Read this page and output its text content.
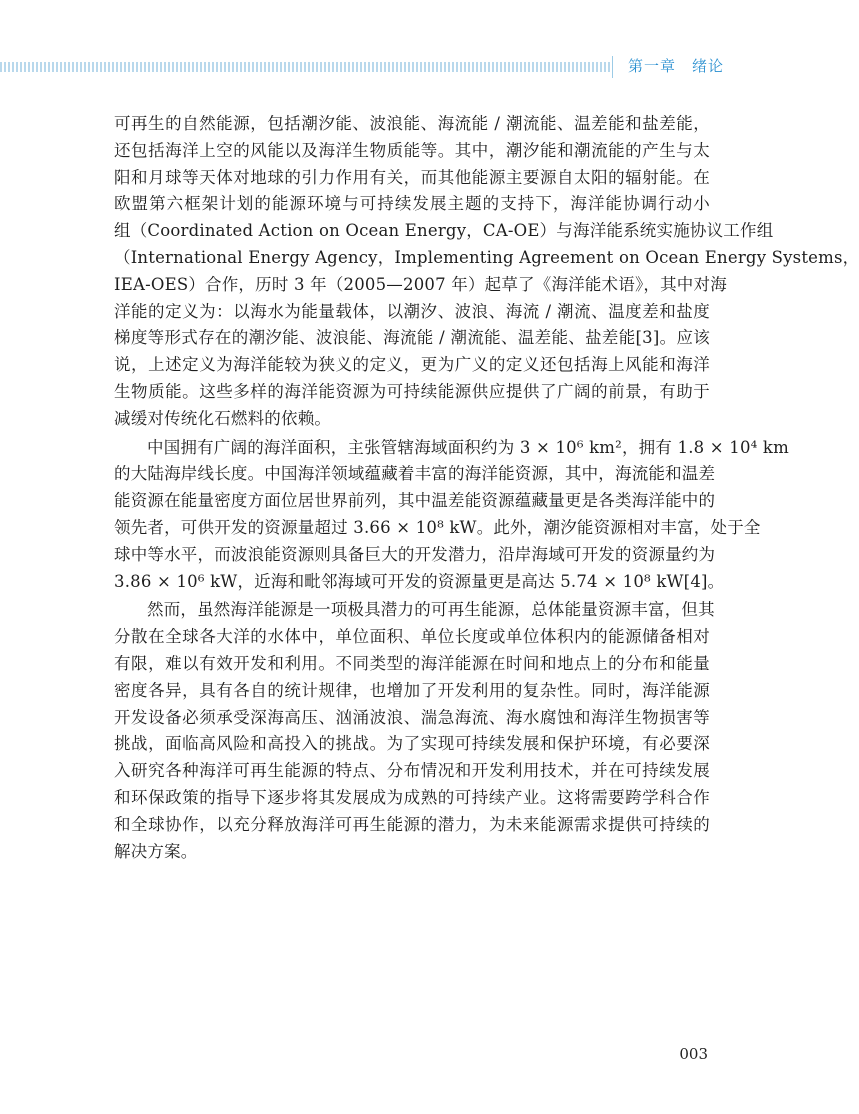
第一章　绪论

可再生的自然能源，包括潮汐能、波浪能、海流能 / 潮流能、温差能和盐差能，
还包括海洋上空的风能以及海洋生物质能等。其中，潮汐能和潮流能的产生与太
阳和月球等天体对地球的引力作用有关，而其他能源主要源自太阳的辐射能。在
欧盟第六框架计划的能源环境与可持续发展主题的支持下，海洋能协调行动小
组（Coordinated Action on Ocean Energy，CA-OE）与海洋能系统实施协议工作组
（International Energy Agency，Implementing Agreement on Ocean Energy Systems，
IEA-OES）合作，历时 3 年（2005—2007 年）起草了《海洋能术语》，其中对海
洋能的定义为：以海水为能量载体，以潮汐、波浪、海流 / 潮流、温度差和盐度
梯度等形式存在的潮汐能、波浪能、海流能 / 潮流能、温差能、盐差能[3]。应该
说，上述定义为海洋能较为狭义的定义，更为广义的定义还包括海上风能和海洋
生物质能。这些多样的海洋能资源为可持续能源供应提供了广阔的前景，有助于
减缓对传统化石燃料的依赖。

中国拥有广阔的海洋面积，主张管辖海域面积约为 3 × 10⁶ km²，拥有 1.8 × 10⁴ km
的大陆海岸线长度。中国海洋领域蕴藏着丰富的海洋能资源，其中，海流能和温差
能资源在能量密度方面位居世界前列，其中温差能资源蕴藏量更是各类海洋能中的
领先者，可供开发的资源量超过 3.66 × 10⁸ kW。此外，潮汐能资源相对丰富，处于全
球中等水平，而波浪能资源则具备巨大的开发潜力，沿岸海域可开发的资源量约为
3.86 × 10⁶ kW，近海和毗邻海域可开发的资源量更是高达 5.74 × 10⁸ kW[4]。

然而，虽然海洋能源是一项极具潜力的可再生能源，总体能量资源丰富，但其
分散在全球各大洋的水体中，单位面积、单位长度或单位体积内的能源储备相对
有限，难以有效开发和利用。不同类型的海洋能源在时间和地点上的分布和能量
密度各异，具有各自的统计规律，也增加了开发利用的复杂性。同时，海洋能源
开发设备必须承受深海高压、汹涌波浪、湍急海流、海水腐蚀和海洋生物损害等
挑战，面临高风险和高投入的挑战。为了实现可持续发展和保护环境，有必要深
入研究各种海洋可再生能源的特点、分布情况和开发利用技术，并在可持续发展
和环保政策的指导下逐步将其发展成为成熟的可持续产业。这将需要跨学科合作
和全球协作，以充分释放海洋可再生能源的潜力，为未来能源需求提供可持续的
解决方案。

003
